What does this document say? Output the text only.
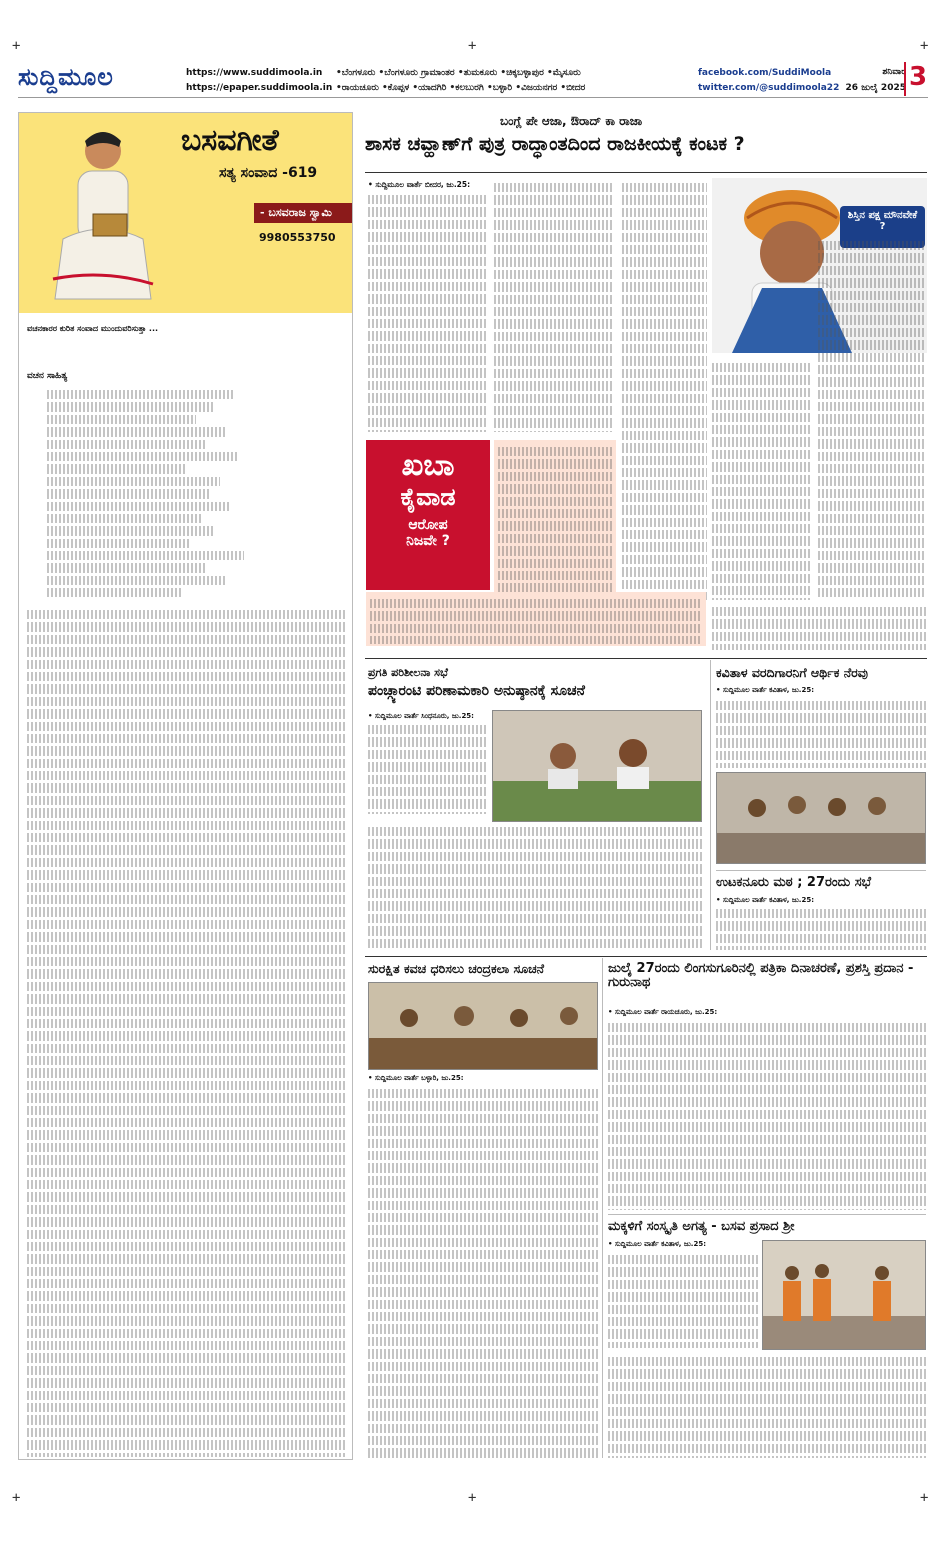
+	+	+
+	+	+
ಸುದ್ದಿಮೂಲ	https://www.suddimoola.in
https://epaper.suddimoola.in
•ಬೆಂಗಳೂರು •ಬೆಂಗಳೂರು ಗ್ರಾಮಾಂತರ •ತುಮಕೂರು •ಚಿಕ್ಕಬಳ್ಳಾಪುರ •ಮೈಸೂರು
•ರಾಯಚೂರು •ಕೊಪ್ಪಳ •ಯಾದಗಿರಿ •ಕಲಬುರಗಿ •ಬಳ್ಳಾರಿ •ವಿಜಯನಗರ •ಬೀದರ
facebook.com/SuddiMoola
twitter.com/@suddimoola22
ಶನಿವಾರ
26 ಜುಲೈ 2025 3
ಬಸವಗೀತೆ
ಸತ್ಯ ಸಂವಾದ -619
- ಬಸವರಾಜ ಸ್ವಾಮಿ
9980553750
ವಚನಕಾರರ ಕುರಿತ ಸಂವಾದ ಮುಂದುವರಿಸುತ್ತಾ ...
ವಚನ ಸಾಹಿತ್ಯ
ಬಂಗ್ಲೆ ಪೇ ಆಜಾ, ಔರಾದ್ ಕಾ ರಾಜಾ
ಶಾಸಕ ಚವ್ಹಾಣ್‌ಗೆ ಪುತ್ರ ರಾದ್ಧಾಂತದಿಂದ ರಾಜಕೀಯಕ್ಕೆ ಕಂಟಕ ?
• ಸುದ್ದಿಮೂಲ ವಾರ್ತೆ ಬೀದರ, ಜು.25:
ಶಿಸ್ತಿನ ಪಕ್ಷ ಮೌನವೇಕೆ ?
ಖಬಾ
ಕೈವಾಡ
ಆರೋಪ
ನಿಜವೇ ?
ಪ್ರಗತಿ ಪರಿಶೀಲನಾ ಸಭೆ
ಪಂಚ್ಗ್ಯಾರಂಟಿ ಪರಿಣಾಮಕಾರಿ ಅನುಷ್ಠಾನಕ್ಕೆ ಸೂಚನೆ
• ಸುದ್ದಿಮೂಲ ವಾರ್ತೆ ಸಿಂಧನೂರು, ಜು.25:
ಕವಿತಾಳ ವರದಿಗಾರನಿಗೆ ಆರ್ಥಿಕ ನೆರವು
• ಸುದ್ದಿಮೂಲ ವಾರ್ತೆ ಕವಿತಾಳ, ಜು.25:
ಉಟಕನೂರು ಮಠ ; 27ರಂದು ಸಭೆ
• ಸುದ್ದಿಮೂಲ ವಾರ್ತೆ ಕವಿತಾಳ, ಜು.25:
ಸುರಕ್ಷಿತ ಕವಚ ಧರಿಸಲು ಚಂದ್ರಕಲಾ ಸೂಚನೆ
• ಸುದ್ದಿಮೂಲ ವಾರ್ತೆ ಬಳ್ಳಾರಿ, ಜು.25:
ಜುಲೈ 27ರಂದು ಲಿಂಗಸುಗೂರಿನಲ್ಲಿ ಪತ್ರಿಕಾ ದಿನಾಚರಣೆ, ಪ್ರಶಸ್ತಿ ಪ್ರದಾನ - ಗುರುನಾಥ
• ಸುದ್ದಿಮೂಲ ವಾರ್ತೆ ರಾಯಚೂರು, ಜು.25:
ಮಕ್ಕಳಿಗೆ ಸಂಸ್ಕೃತಿ ಅಗತ್ಯ - ಬಸವ ಪ್ರಸಾದ ಶ್ರೀ
• ಸುದ್ದಿಮೂಲ ವಾರ್ತೆ ಕವಿತಾಳ, ಜು.25:
